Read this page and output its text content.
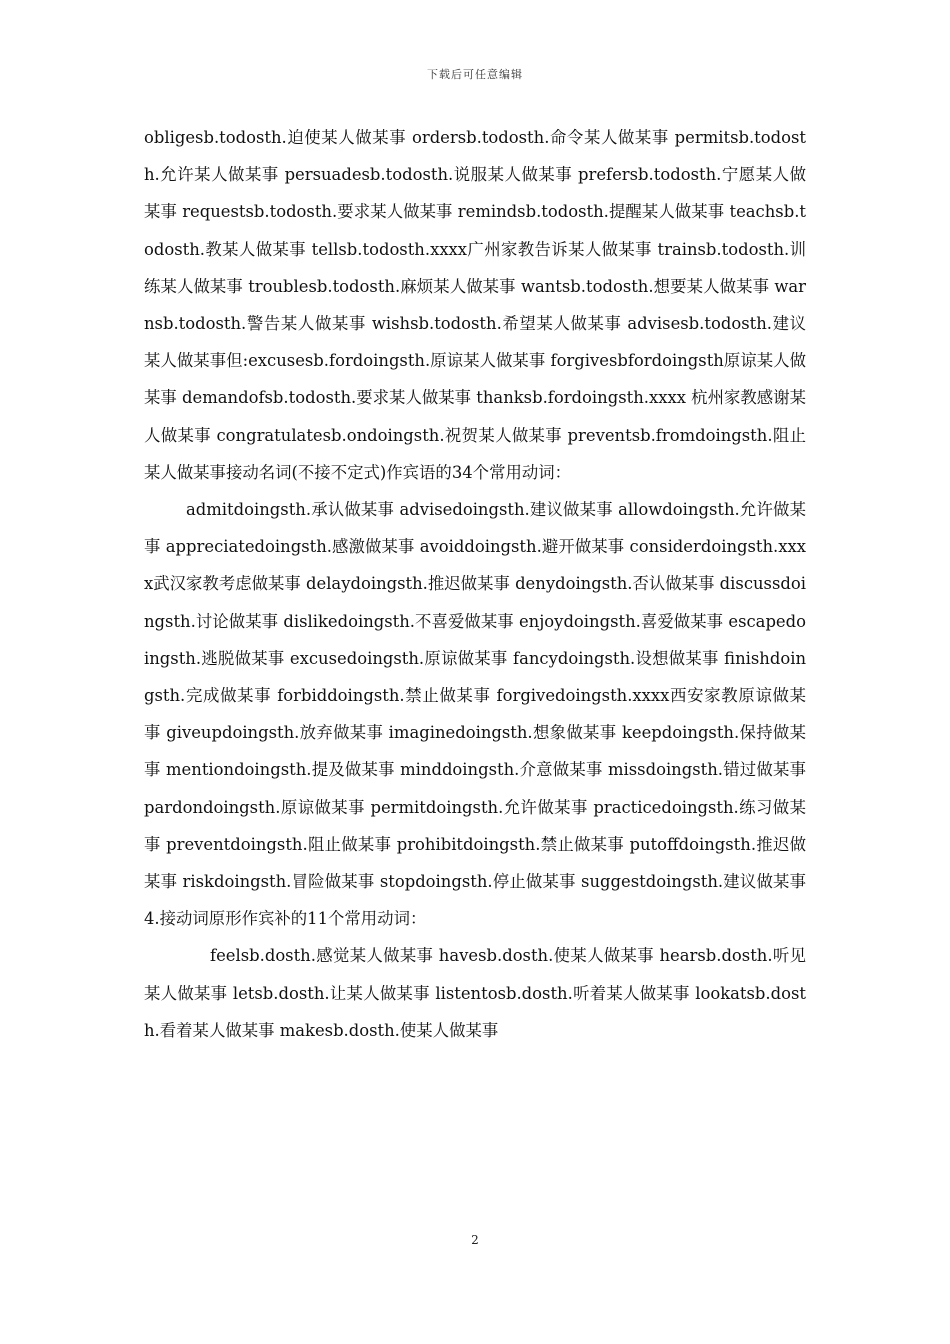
下载后可任意编辑

obligesb.todosth.迫使某人做某事 ordersb.todosth.命令某人做某事 permitsb.todosth.允许某人做某事 persuadesb.todosth.说服某人做某事 prefersb.todosth.宁愿某人做某事 requestsb.todosth.要求某人做某事 remindsb.todosth.提醒某人做某事 teachsb.todosth.教某人做某事 tellsb.todosth.xxxx广州家教告诉某人做某事 trainsb.todosth.训练某人做某事 troublesb.todosth.麻烦某人做某事 wantsb.todosth.想要某人做某事 warnsb.todosth.警告某人做某事 wishsb.todosth.希望某人做某事 advisesb.todosth.建议某人做某事但:excusesb.fordoingsth.原谅某人做某事 forgivesbfordoingsth原谅某人做某事 demandofsb.todosth.要求某人做某事 thanksb.fordoingsth.xxxx 杭州家教感谢某人做某事 congratulatesb.ondoingsth.祝贺某人做某事 preventsb.fromdoingsth.阻止某人做某事接动名词(不接不定式)作宾语的34个常用动词：

admitdoingsth.承认做某事 advisedoingsth.建议做某事 allowdoingsth.允许做某事 appreciatedoingsth.感激做某事 avoiddoingsth.避开做某事 considerdoingsth.xxxx武汉家教考虑做某事 delaydoingsth.推迟做某事 denydoingsth.否认做某事 discussdoingsth.讨论做某事 dislikedoingsth.不喜爱做某事 enjoydoingsth.喜爱做某事 escapedoingsth.逃脱做某事 excusedoingsth.原谅做某事 fancydoingsth.设想做某事 finishdoingsth.完成做某事 forbiddoingsth.禁止做某事 forgivedoingsth.xxxx西安家教原谅做某事 giveupdoingsth.放弃做某事 imaginedoingsth.想象做某事 keepdoingsth.保持做某事 mentiondoingsth.提及做某事 minddoingsth.介意做某事 missdoingsth.错过做某事 pardondoingsth.原谅做某事 permitdoingsth.允许做某事 practicedoingsth.练习做某事 preventdoingsth.阻止做某事 prohibitdoingsth.禁止做某事 putoffdoingsth.推迟做某事 riskdoingsth.冒险做某事 stopdoingsth.停止做某事 suggestdoingsth.建议做某事4.接动词原形作宾补的11个常用动词：

feelsb.dosth.感觉某人做某事 havesb.dosth.使某人做某事 hearsb.dosth.听见某人做某事 letsb.dosth.让某人做某事 listentosb.dosth.听着某人做某事 lookatsb.dosth.看着某人做某事 makesb.dosth.使某人做某事

2
